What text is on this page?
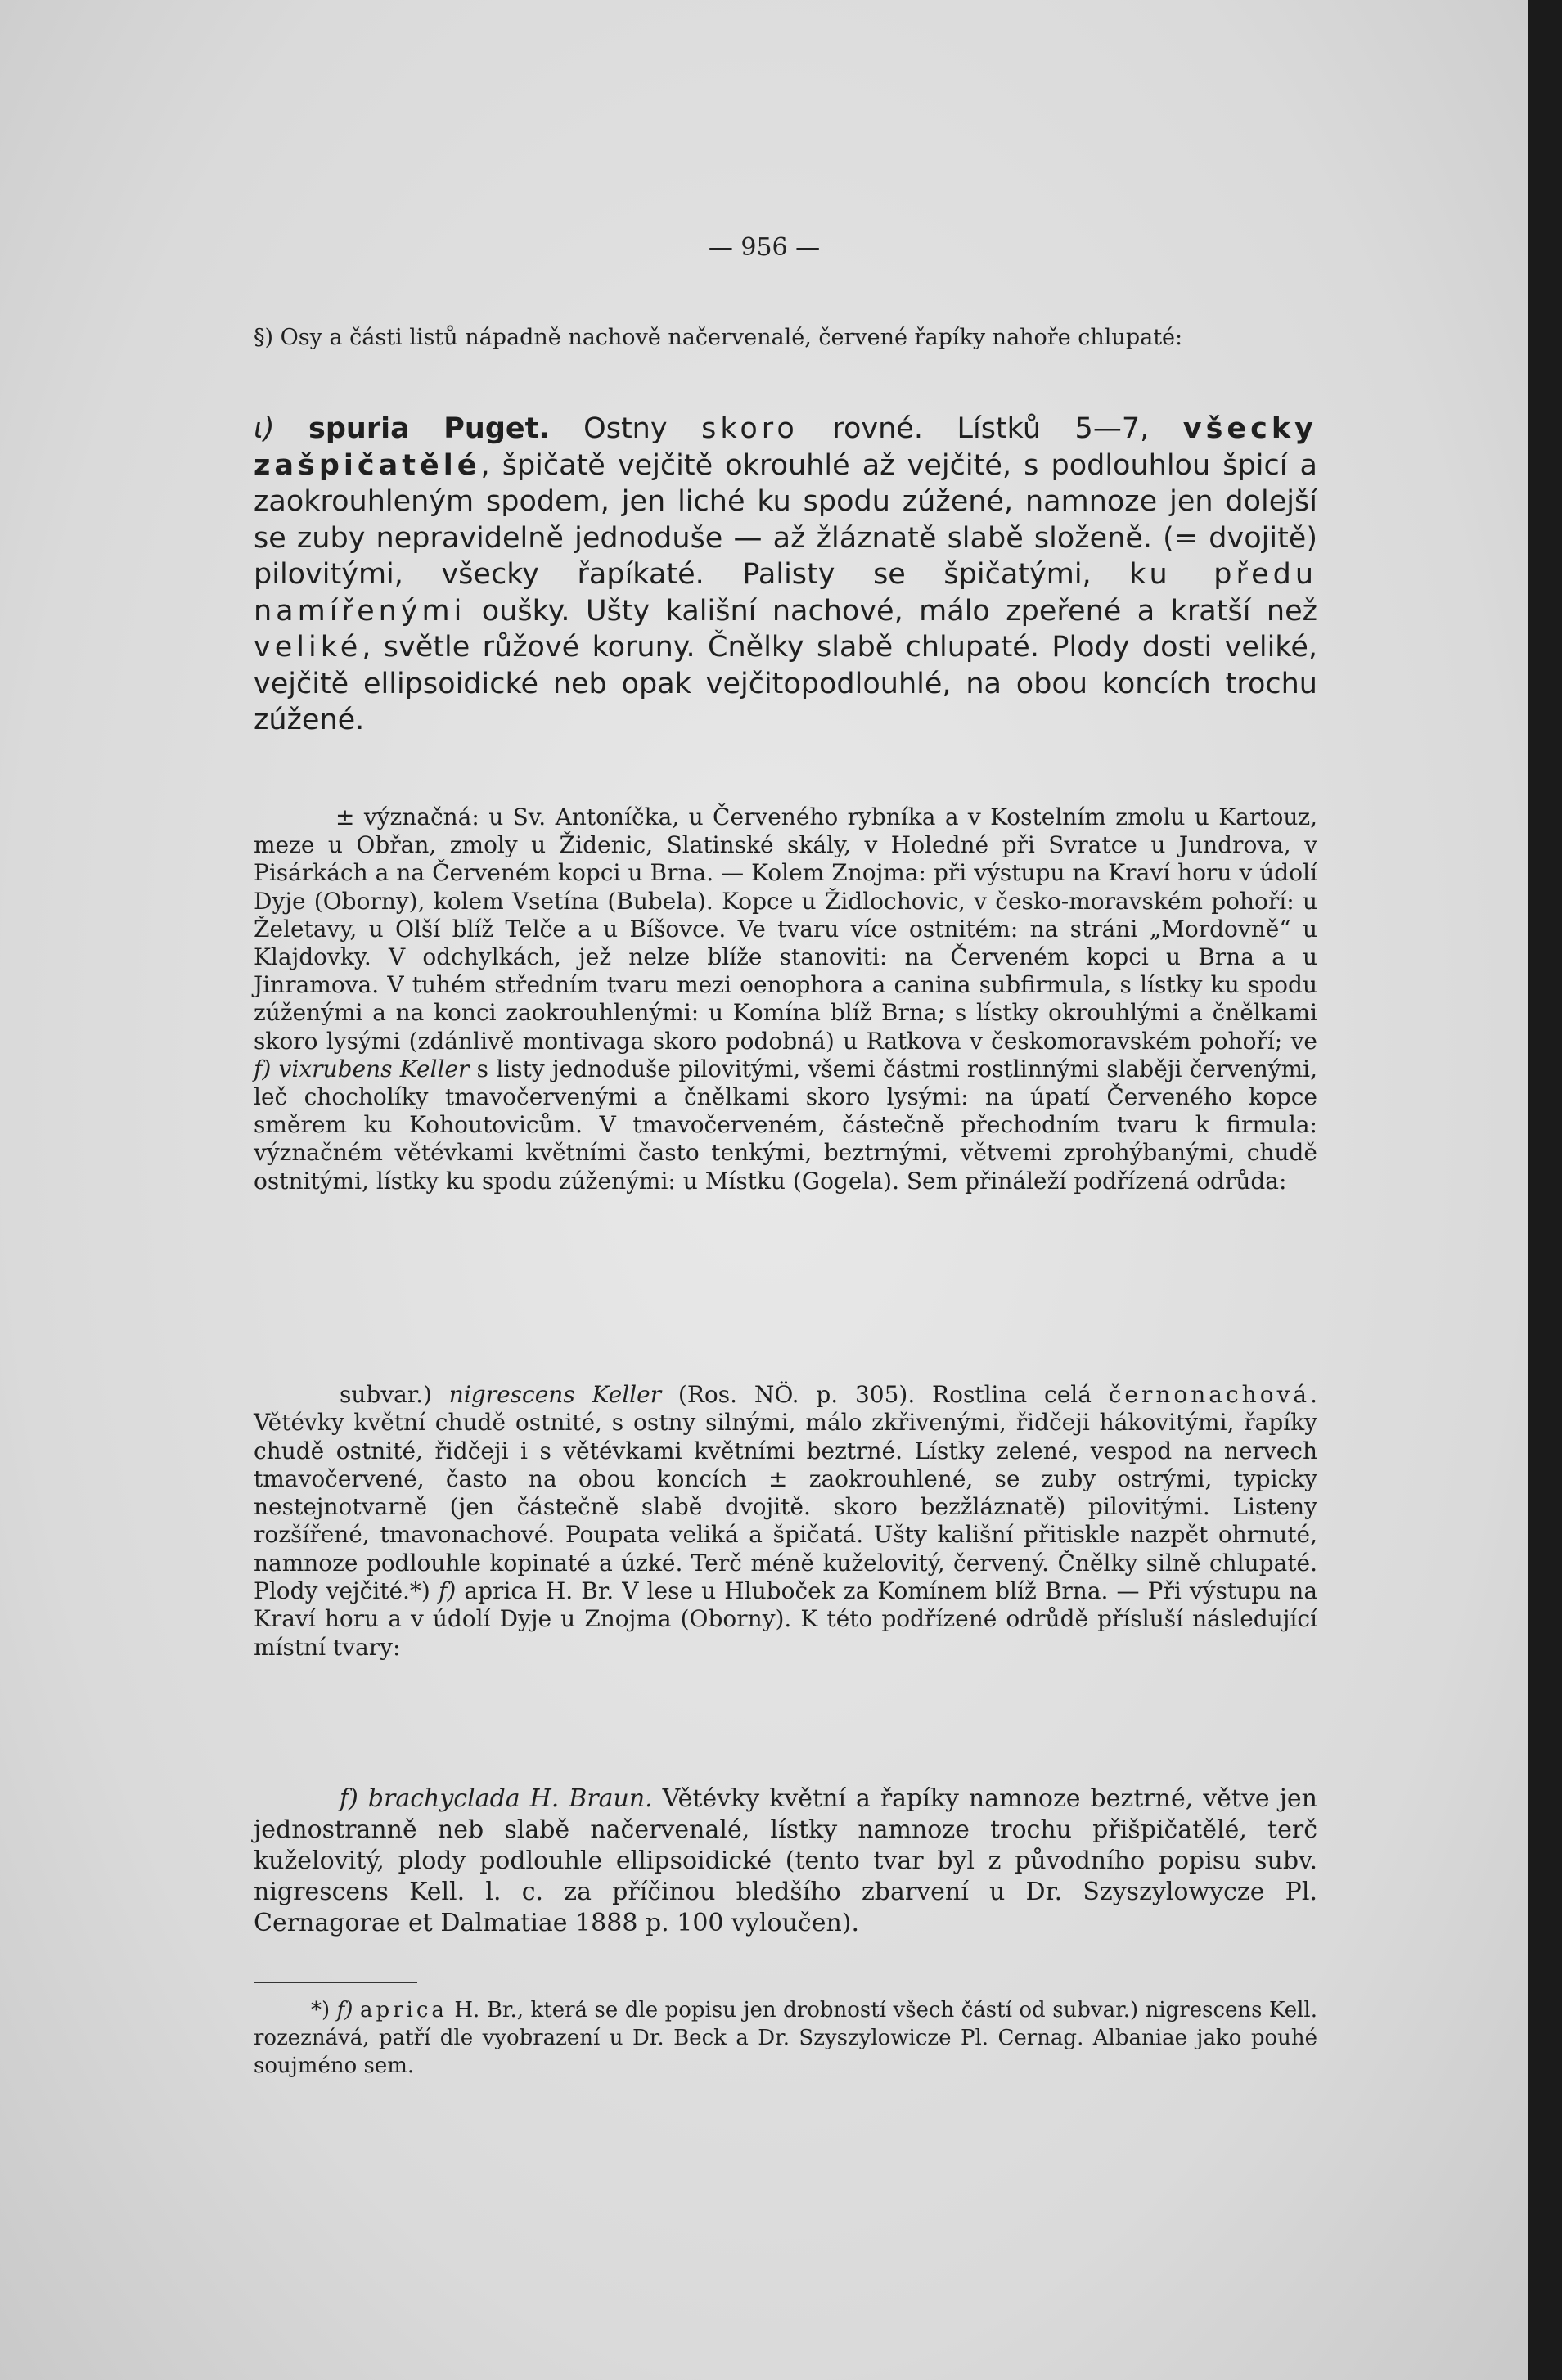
— 956 —
§) Osy a části listů nápadně nachově načervenalé, červené řapíky nahoře chlupaté:
ι) spuria Puget. Ostny skoro rovné. Lístků 5—7, všecky zašpičatělé, špičatě vejčitě okrouhlé až vejčité, s podlouhlou špicí a zaokrouhleným spodem, jen liché ku spodu zúžené, namnoze jen dolejší se zuby nepravidelně jednoduše — až žláznatě slabě složeně. (= dvojitě) pilovitými, všecky řapíkaté. Palisty se špičatými, ku předu namířenými oušky. Ušty kališní nachové, málo zpeřené a kratší než veliké, světle růžové koruny. Čnělky slabě chlupaté. Plody dosti veliké, vejčitě ellipsoidické neb opak vejčitopodlouhlé, na obou koncích trochu zúžené.
± význačná: u Sv. Antoníčka, u Červeného rybníka a v Kostelním zmolu u Kartouz, meze u Obřan, zmoly u Židenic, Slatinské skály, v Holedné při Svratce u Jundrova, v Pisárkách a na Červeném kopci u Brna. — Kolem Znojma: při výstupu na Kraví horu v údolí Dyje (Oborny), kolem Vsetína (Bubela). Kopce u Židlochovic, v česko-moravském pohoří: u Želetavy, u Olší blíž Telče a u Bíšovce. Ve tvaru více ostnitém: na stráni „Mordovně“ u Klajdovky. V odchylkách, jež nelze blíže stanoviti: na Červeném kopci u Brna a u Jinramova. V tuhém středním tvaru mezi oenophora a canina subfirmula, s lístky ku spodu zúženými a na konci zaokrouhlenými: u Komína blíž Brna; s lístky okrouhlými a čnělkami skoro lysými (zdánlivě montivaga skoro podobná) u Ratkova v českomoravském pohoří; ve f) vixrubens Keller s listy jednoduše pilovitými, všemi částmi rostlinnými slaběji červenými, leč chocholíky tmavočervenými a čnělkami skoro lysými: na úpatí Červeného kopce směrem ku Kohoutovicům. V tmavočerveném, částečně přechodním tvaru k firmula: význačném větévkami květními často tenkými, beztrnými, větvemi zprohýbanými, chudě ostnitými, lístky ku spodu zúženými: u Místku (Gogela). Sem přináleží podřízená odrůda:
subvar.) nigrescens Keller (Ros. NÖ. p. 305). Rostlina celá černonachová. Větévky květní chudě ostnité, s ostny silnými, málo zkřivenými, řidčeji hákovitými, řapíky chudě ostnité, řidčeji i s větévkami květními beztrné. Lístky zelené, vespod na nervech tmavočervené, často na obou koncích ± zaokrouhlené, se zuby ostrými, typicky nestejnotvarně (jen částečně slabě dvojitě. skoro bezžláznatě) pilovitými. Listeny rozšířené, tmavonachové. Poupata veliká a špičatá. Ušty kališní přitiskle nazpět ohrnuté, namnoze podlouhle kopinaté a úzké. Terč méně kuželovitý, červený. Čnělky silně chlupaté. Plody vejčité.*) f) aprica H. Br. V lese u Hluboček za Komínem blíž Brna. — Při výstupu na Kraví horu a v údolí Dyje u Znojma (Oborny). K této podřízené odrůdě přísluší následující místní tvary:
f) brachyclada H. Braun. Větévky květní a řapíky namnoze beztrné, větve jen jednostranně neb slabě načervenalé, lístky namnoze trochu přišpičatělé, terč kuželovitý, plody podlouhle ellipsoidické (tento tvar byl z původního popisu subv. nigrescens Kell. l. c. za příčinou bledšího zbarvení u Dr. Szyszylowycze Pl. Cernagorae et Dalmatiae 1888 p. 100 vyloučen).
*) f) aprica H. Br., která se dle popisu jen drobností všech částí od subvar.) nigrescens Kell. rozeznává, patří dle vyobrazení u Dr. Beck a Dr. Szyszylowicze Pl. Cernag. Albaniae jako pouhé soujméno sem.
